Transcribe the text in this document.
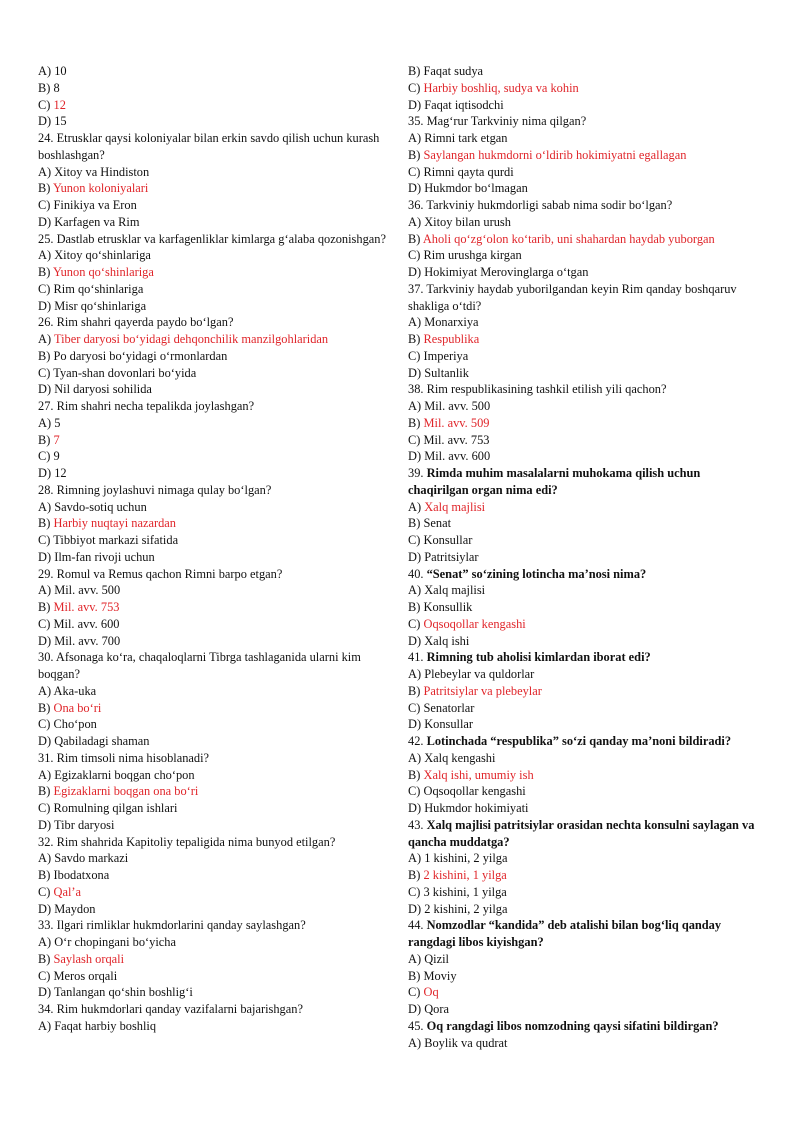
A) 10
B) 8
C) 12
D) 15
24. Etrusklar qaysi koloniyalar bilan erkin savdo qilish uchun kurash boshlashgan?
A) Xitoy va Hindiston
B) Yunon koloniyalari
C) Finikiya va Eron
D) Karfagen va Rim
25. Dastlab etrusklar va karfagenliklar kimlarga g‘alaba qozonishgan?
A) Xitoy qo‘shinlariga
B) Yunon qo‘shinlariga
C) Rim qo‘shinlariga
D) Misr qo‘shinlariga
26. Rim shahri qayerda paydo bo‘lgan?
A) Tiber daryosi bo‘yidagi dehqonchilik manzilgohlaridan
B) Po daryosi bo‘yidagi o‘rmonlardan
C) Tyan-shan dovonlari bo‘yida
D) Nil daryosi sohilida
27. Rim shahri necha tepalikda joylashgan?
A) 5
B) 7
C) 9
D) 12
28. Rimning joylashuvi nimaga qulay bo‘lgan?
A) Savdo-sotiq uchun
B) Harbiy nuqtayi nazardan
C) Tibbiyot markazi sifatida
D) Ilm-fan rivoji uchun
29. Romul va Remus qachon Rimni barpo etgan?
A) Mil. avv. 500
B) Mil. avv. 753
C) Mil. avv. 600
D) Mil. avv. 700
30. Afsonaga ko‘ra, chaqaloqlarni Tibrga tashlaganida ularni kim boqgan?
A) Aka-uka
B) Ona bo‘ri
C) Cho‘pon
D) Qabiladagi shaman
31. Rim timsoli nima hisoblanadi?
A) Egizaklarni boqgan cho‘pon
B) Egizaklarni boqgan ona bo‘ri
C) Romulning qilgan ishlari
D) Tibr daryosi
32. Rim shahrida Kapitoliy tepaligida nima bunyod etilgan?
A) Savdo markazi
B) Ibodatxona
C) Qal’a
D) Maydon
33. Ilgari rimliklar hukmdorlarini qanday saylashgan?
A) O‘r chopingani bo‘yicha
B) Saylash orqali
C) Meros orqali
D) Tanlangan qo‘shin boshlig‘i
34. Rim hukmdorlari qanday vazifalarni bajarishgan?
A) Faqat harbiy boshliq
B) Faqat sudya
C) Harbiy boshliq, sudya va kohin
D) Faqat iqtisodchi
35. Mag‘rur Tarkviniy nima qilgan?
A) Rimni tark etgan
B) Saylangan hukmdorni o‘ldirib hokimiyatni egallagan
C) Rimni qayta qurdi
D) Hukmdor bo‘lmagan
36. Tarkviniy hukmdorligi sabab nima sodir bo‘lgan?
A) Xitoy bilan urush
B) Aholi qo‘zg‘olon ko‘tarib, uni shahardan haydab yuborgan
C) Rim urushga kirgan
D) Hokimiyat Merovinglarga o‘tgan
37. Tarkviniy haydab yuborilgandan keyin Rim qanday boshqaruv shakliga o‘tdi?
A) Monarxiya
B) Respublika
C) Imperiya
D) Sultanlik
38. Rim respublikasining tashkil etilish yili qachon?
A) Mil. avv. 500
B) Mil. avv. 509
C) Mil. avv. 753
D) Mil. avv. 600
39. Rimda muhim masalalarni muhokama qilish uchun chaqirilgan organ nima edi?
A) Xalq majlisi
B) Senat
C) Konsullar
D) Patritsiylar
40. “Senat” so‘zining lotincha ma’nosi nima?
A) Xalq majlisi
B) Konsullik
C) Oqsoqollar kengashi
D) Xalq ishi
41. Rimning tub aholisi kimlardan iborat edi?
A) Plebeylar va quldorlar
B) Patritsiylar va plebeylar
C) Senatorlar
D) Konsullar
42. Lotinchada “respublika” so‘zi qanday ma’noni bildiradi?
A) Xalq kengashi
B) Xalq ishi, umumiy ish
C) Oqsoqollar kengashi
D) Hukmdor hokimiyati
43. Xalq majlisi patritsiylar orasidan nechta konsulni saylagan va qancha muddatga?
A) 1 kishini, 2 yilga
B) 2 kishini, 1 yilga
C) 3 kishini, 1 yilga
D) 2 kishini, 2 yilga
44. Nomzodlar “kandida” deb atalishi bilan bog‘liq qanday rangdagi libos kiyishgan?
A) Qizil
B) Moviy
C) Oq
D) Qora
45. Oq rangdagi libos nomzodning qaysi sifatini bildirgan?
A) Boylik va qudrat
